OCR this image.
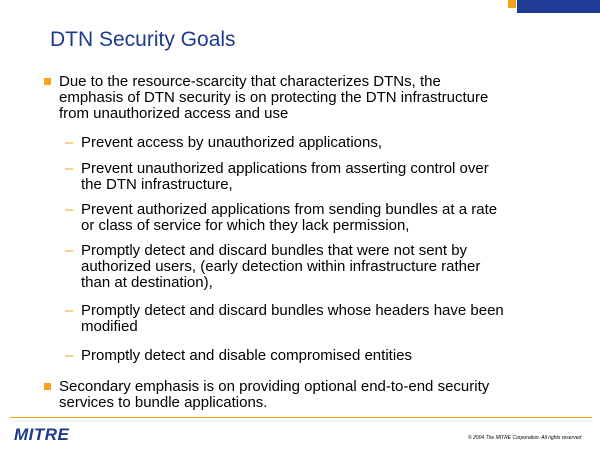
DTN Security Goals
Due to the resource-scarcity that characterizes DTNs, the
emphasis of DTN security is on protecting the DTN infrastructure
from unauthorized access and use
– Prevent access by unauthorized applications,
– Prevent unauthorized applications from asserting control over
the DTN infrastructure,
– Prevent authorized applications from sending bundles at a rate
or class of service for which they lack permission,
– Promptly detect and discard bundles that were not sent by
authorized users, (early detection within infrastructure rather
than at destination),
– Promptly detect and discard bundles whose headers have been
modified
– Promptly detect and disable compromised entities
Secondary emphasis is on providing optional end-to-end security
services to bundle applications.
MITRE	© 2004 The MITRE Corporation. All rights reserved
